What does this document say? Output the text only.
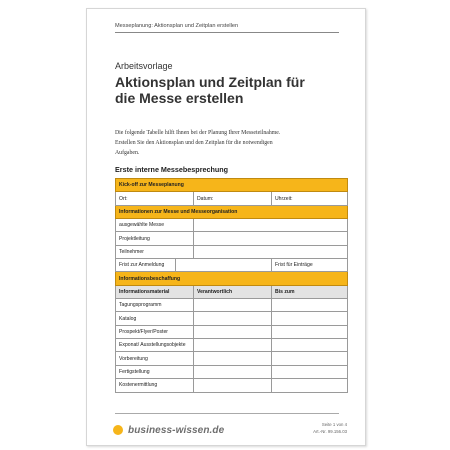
Messeplanung: Aktionsplan und Zeitplan erstellen
Arbeitsvorlage
Aktionsplan und Zeitplan für
die Messe erstellen
Die folgende Tabelle hilft Ihnen bei der Planung Ihrer Messeteilnahme.
Erstellen Sie den Aktionsplan und den Zeitplan für die notwendigen
Aufgaben.
Erste interne Messebesprechung
Kick-off zur Messeplanung			
Ort:		Datum:	Uhrzeit:
Informationen zur Messe und Messeorganisation			
ausgewählte Messe			
Projektleitung			
Teilnehmer			
Frist zur Anmeldung			Frist für Einträge
Informationsbeschaffung			
Informationsmaterial		Verantwortlich	Bis zum
Tagungsprogramm			
Katalog			
Prospekt/Flyer/Poster			
Exponat/ Ausstellungsobjekte			
Vorbereitung			
Fertigstellung			
Kostenermittlung			
business-wissen.de	Seite 1 von 4
Art.-Nr. 99.156.03
